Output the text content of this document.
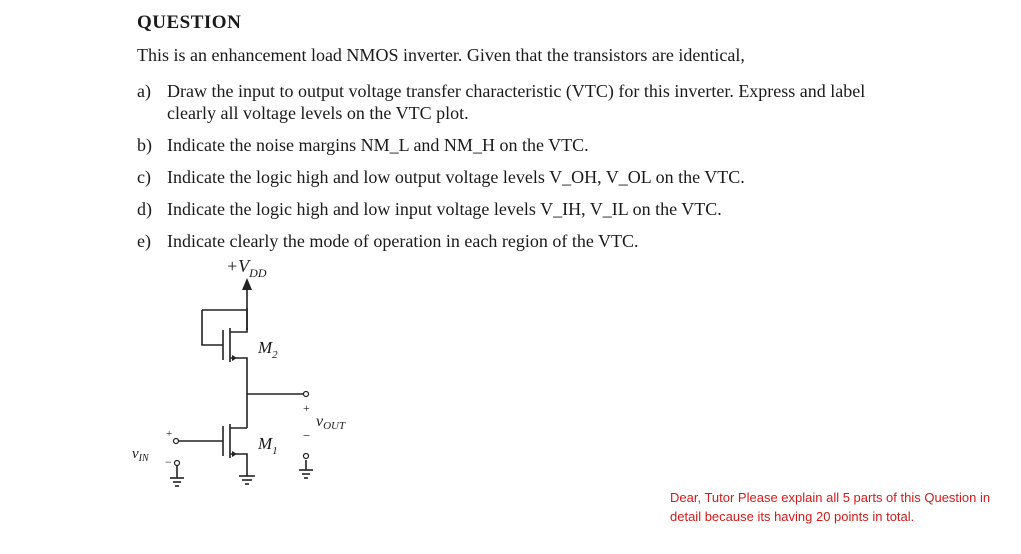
QUESTION
This is an enhancement load NMOS inverter. Given that the transistors are identical,
a) Draw the input to output voltage transfer characteristic (VTC) for this inverter. Express and label clearly all voltage levels on the VTC plot.
b) Indicate the noise margins NM_L and NM_H on the VTC.
c) Indicate the logic high and low output voltage levels V_OH, V_OL on the VTC.
d) Indicate the logic high and low input voltage levels V_IH, V_IL on the VTC.
e) Indicate clearly the mode of operation in each region of the VTC.
$+V_{DD}$
$M_2$
$M_1$
+
−
vOUT
+
−
$v_{IN}$
Dear, Tutor Please explain all 5 parts of this Question in detail because its having 20 points in total.
